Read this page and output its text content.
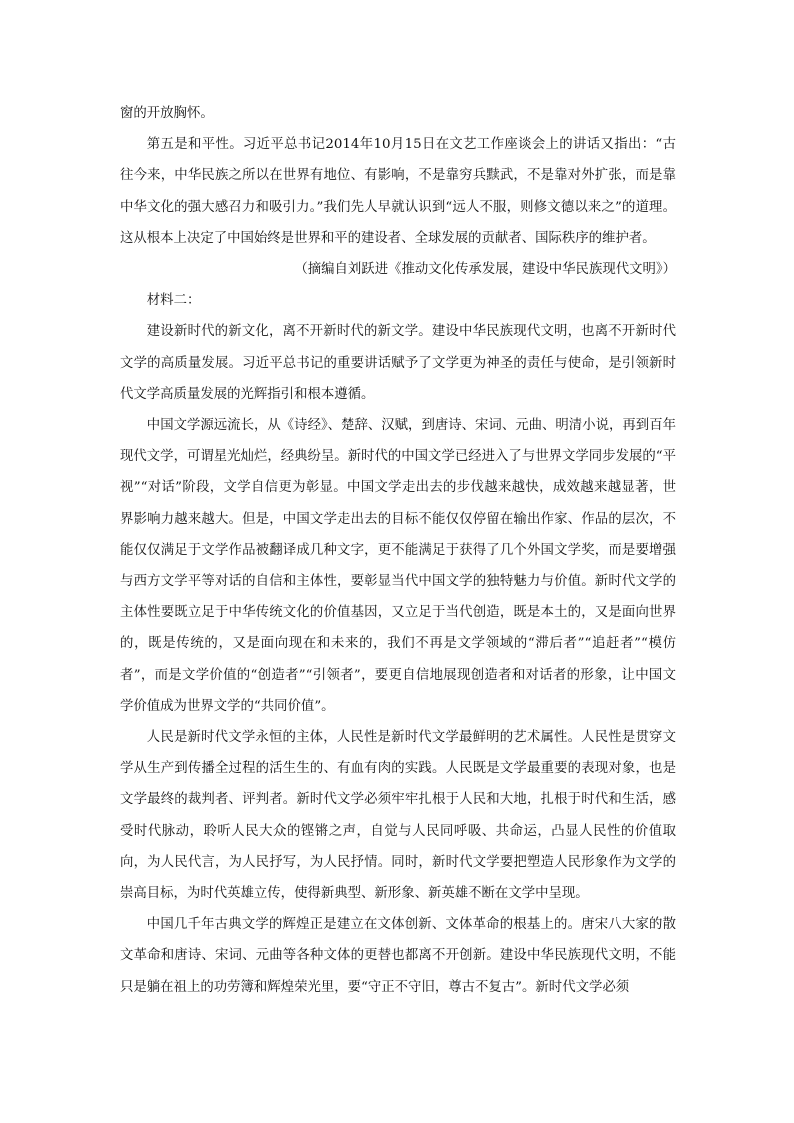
窗的开放胸怀。

第五是和平性。习近平总书记2014年10月15日在文艺工作座谈会上的讲话又指出：“古往今来，中华民族之所以在世界有地位、有影响，不是靠穷兵黩武，不是靠对外扩张，而是靠中华文化的强大感召力和吸引力。”我们先人早就认识到“远人不服，则修文德以来之”的道理。这从根本上决定了中国始终是世界和平的建设者、全球发展的贡献者、国际秩序的维护者。

（摘编自刘跃进《推动文化传承发展，建设中华民族现代文明》）

材料二：

建设新时代的新文化，离不开新时代的新文学。建设中华民族现代文明，也离不开新时代文学的高质量发展。习近平总书记的重要讲话赋予了文学更为神圣的责任与使命，是引领新时代文学高质量发展的光辉指引和根本遵循。

中国文学源远流长，从《诗经》、楚辞、汉赋，到唐诗、宋词、元曲、明清小说，再到百年现代文学，可谓星光灿烂，经典纷呈。新时代的中国文学已经进入了与世界文学同步发展的“平视”“对话”阶段，文学自信更为彰显。中国文学走出去的步伐越来越快，成效越来越显著，世界影响力越来越大。但是，中国文学走出去的目标不能仅仅停留在输出作家、作品的层次，不能仅仅满足于文学作品被翻译成几种文字，更不能满足于获得了几个外国文学奖，而是要增强与西方文学平等对话的自信和主体性，要彰显当代中国文学的独特魅力与价值。新时代文学的主体性要既立足于中华传统文化的价值基因，又立足于当代创造，既是本土的，又是面向世界的，既是传统的，又是面向现在和未来的，我们不再是文学领域的“滞后者”“追赶者”“模仿者”，而是文学价值的“创造者”“引领者”，要更自信地展现创造者和对话者的形象，让中国文学价值成为世界文学的“共同价值”。

人民是新时代文学永恒的主体，人民性是新时代文学最鲜明的艺术属性。人民性是贯穿文学从生产到传播全过程的活生生的、有血有肉的实践。人民既是文学最重要的表现对象，也是文学最终的裁判者、评判者。新时代文学必须牢牢扎根于人民和大地，扎根于时代和生活，感受时代脉动，聆听人民大众的铿锵之声，自觉与人民同呼吸、共命运，凸显人民性的价值取向，为人民代言，为人民抒写，为人民抒情。同时，新时代文学要把塑造人民形象作为文学的崇高目标，为时代英雄立传，使得新典型、新形象、新英雄不断在文学中呈现。

中国几千年古典文学的辉煌正是建立在文体创新、文体革命的根基上的。唐宋八大家的散文革命和唐诗、宋词、元曲等各种文体的更替也都离不开创新。建设中华民族现代文明，不能只是躺在祖上的功劳簿和辉煌荣光里，要“守正不守旧，尊古不复古”。新时代文学必须
